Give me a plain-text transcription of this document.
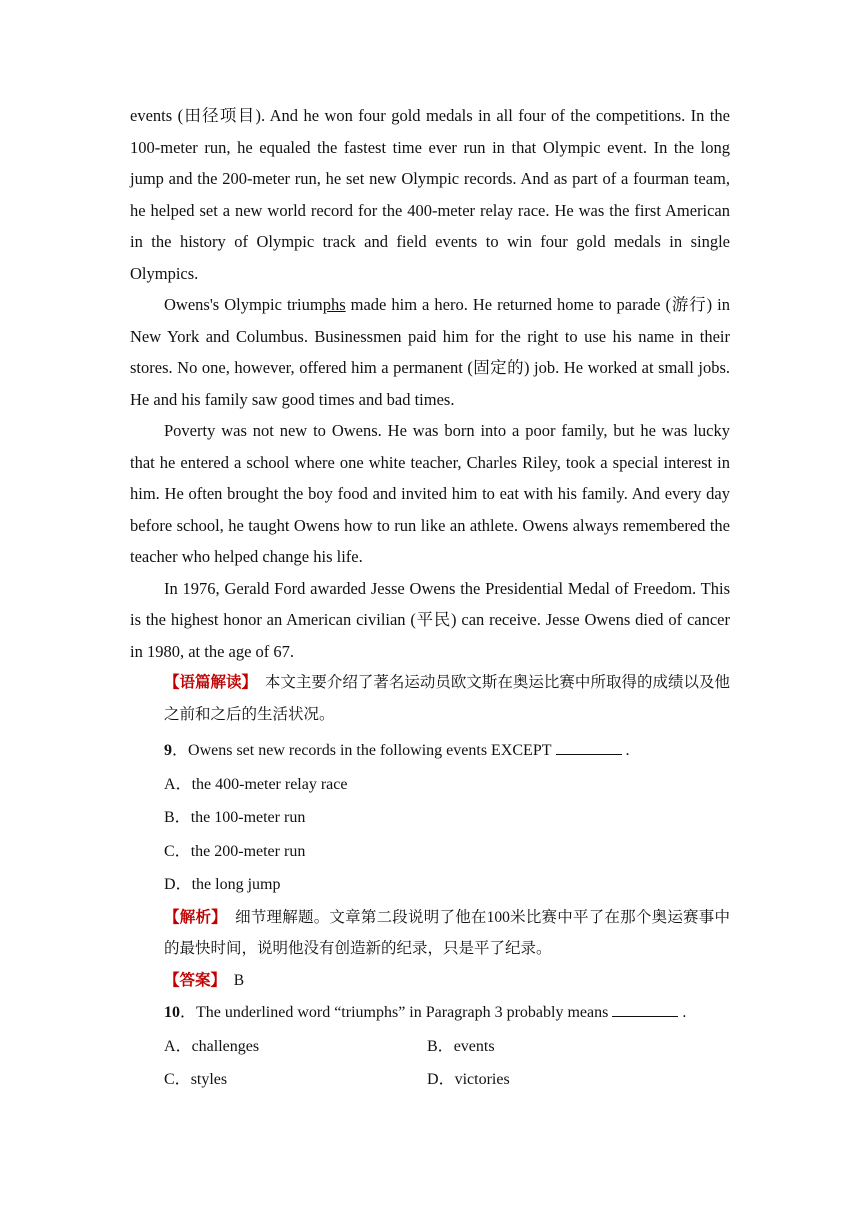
events (田径项目). And he won four gold medals in all four of the competitions. In the 100-meter run, he equaled the fastest time ever run in that Olympic event. In the long jump and the 200‑meter run, he set new Olympic records. And as part of a fourman team, he helped set a new world record for the 400‑meter relay race. He was the first American in the history of Olympic track and field events to win four gold medals in single Olympics.

Owens's Olympic triumphs made him a hero. He returned home to parade (游行) in New York and Columbus. Businessmen paid him for the right to use his name in their stores. No one, however, offered him a permanent (固定的) job. He worked at small jobs. He and his family saw good times and bad times.

Poverty was not new to Owens. He was born into a poor family, but he was lucky that he entered a school where one white teacher, Charles Riley, took a special interest in him. He often brought the boy food and invited him to eat with his family. And every day before school, he taught Owens how to run like an athlete. Owens always remembered the teacher who helped change his life.

In 1976, Gerald Ford awarded Jesse Owens the Presidential Medal of Freedom. This is the highest honor an American civilian (平民) can receive. Jesse Owens died of cancer in 1980, at the age of 67.

【语篇解读】 本文主要介绍了著名运动员欧文斯在奥运比赛中所取得的成绩以及他之前和之后的生活状况。

9．Owens set new records in the following events EXCEPT	.
A．the 400-meter relay race
B．the 100‑meter run
C．the 200‑meter run
D．the long jump

【解析】 细节理解题。文章第二段说明了他在100米比赛中平了在那个奥运赛事中的最快时间，说明他没有创造新的纪录，只是平了纪录。

【答案】 B

10．The underlined word “triumphs” in Paragraph 3 probably means	.
A．challenges	B．events
C．styles	D．victories
